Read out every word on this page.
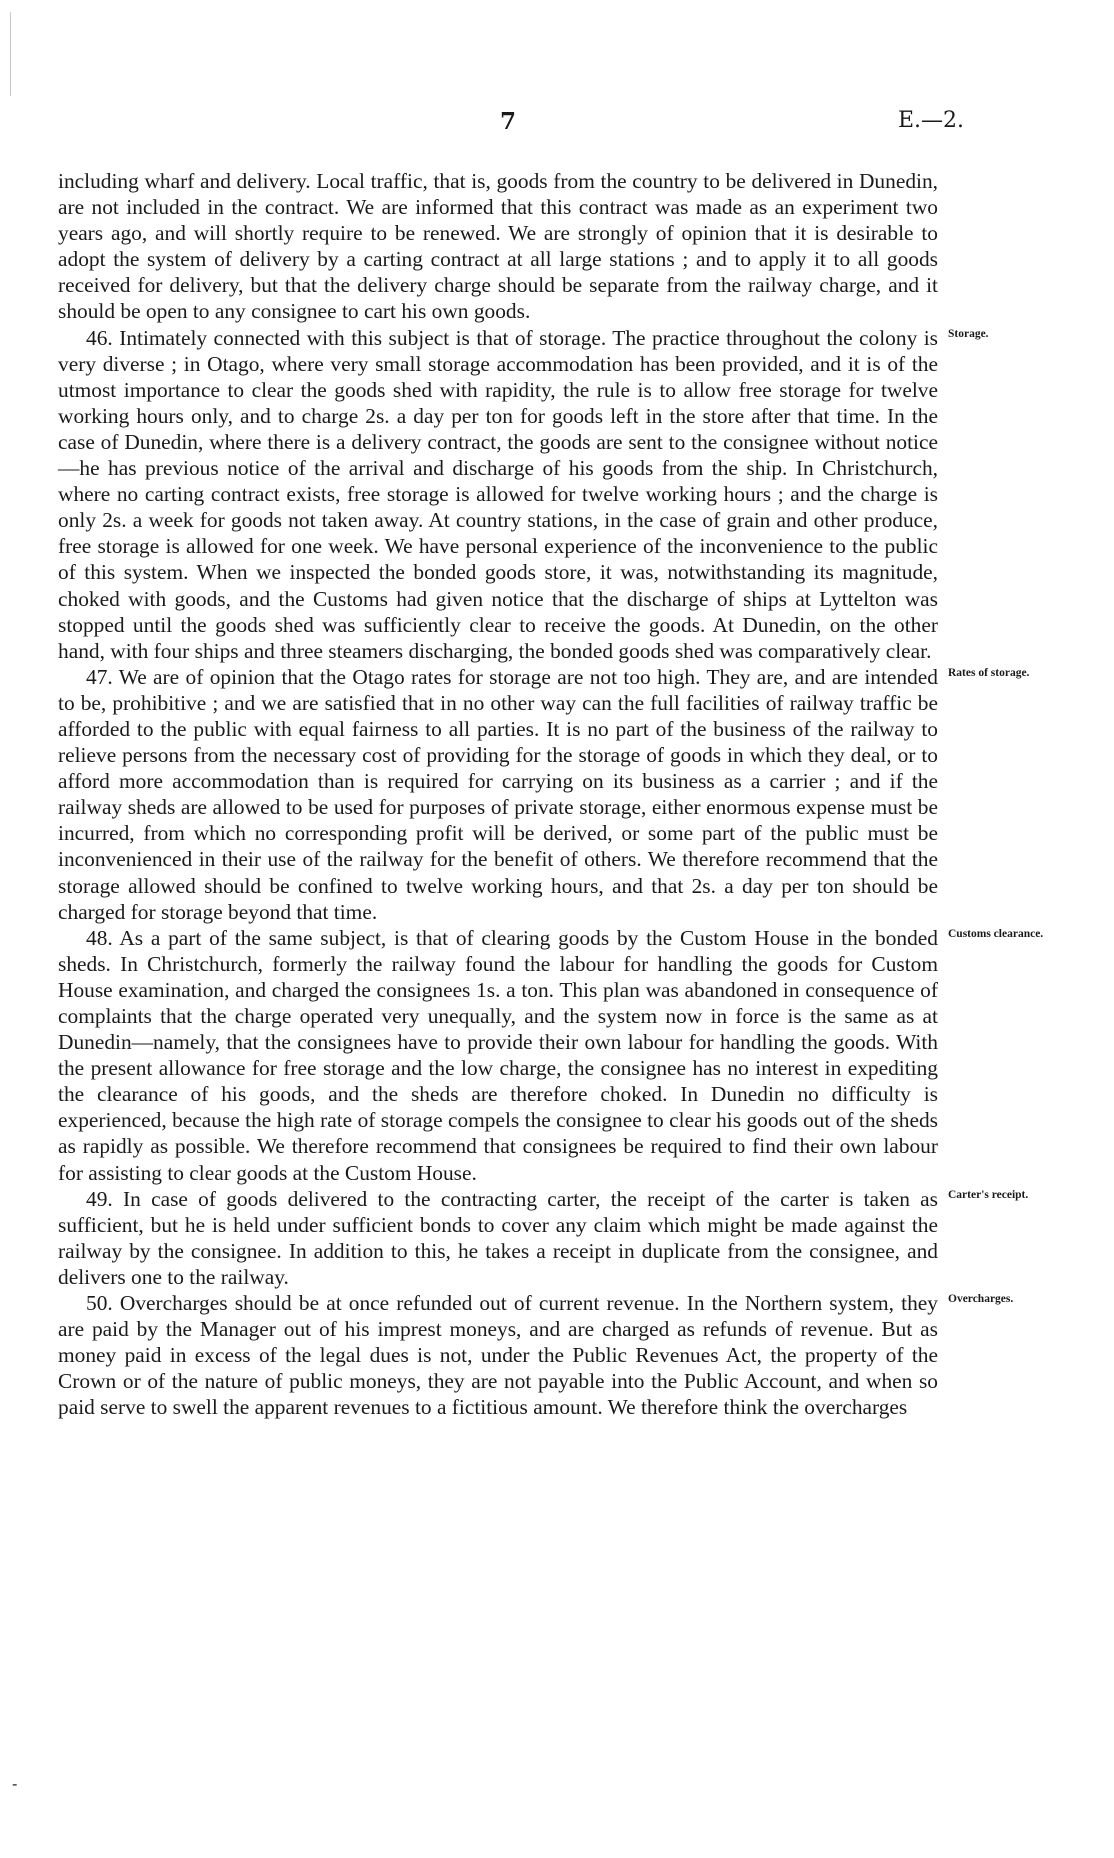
7	E.—2.

including wharf and delivery. Local traffic, that is, goods from the country to be delivered in Dunedin, are not included in the contract. We are informed that this contract was made as an experiment two years ago, and will shortly require to be renewed. We are strongly of opinion that it is desirable to adopt the system of delivery by a carting contract at all large stations ; and to apply it to all goods received for delivery, but that the delivery charge should be separate from the railway charge, and it should be open to any consignee to cart his own goods.

Storage.
46. Intimately connected with this subject is that of storage. The practice throughout the colony is very diverse ; in Otago, where very small storage accommodation has been provided, and it is of the utmost importance to clear the goods shed with rapidity, the rule is to allow free storage for twelve working hours only, and to charge 2s. a day per ton for goods left in the store after that time. In the case of Dunedin, where there is a delivery contract, the goods are sent to the consignee without notice—he has previous notice of the arrival and discharge of his goods from the ship. In Christchurch, where no carting contract exists, free storage is allowed for twelve working hours ; and the charge is only 2s. a week for goods not taken away. At country stations, in the case of grain and other produce, free storage is allowed for one week. We have personal experience of the inconvenience to the public of this system. When we inspected the bonded goods store, it was, notwithstanding its magnitude, choked with goods, and the Customs had given notice that the discharge of ships at Lyttelton was stopped until the goods shed was sufficiently clear to receive the goods. At Dunedin, on the other hand, with four ships and three steamers discharging, the bonded goods shed was comparatively clear.

Rates of storage.
47. We are of opinion that the Otago rates for storage are not too high. They are, and are intended to be, prohibitive ; and we are satisfied that in no other way can the full facilities of railway traffic be afforded to the public with equal fairness to all parties. It is no part of the business of the railway to relieve persons from the necessary cost of providing for the storage of goods in which they deal, or to afford more accommodation than is required for carrying on its business as a carrier ; and if the railway sheds are allowed to be used for purposes of private storage, either enormous expense must be incurred, from which no corresponding profit will be derived, or some part of the public must be inconvenienced in their use of the railway for the benefit of others. We therefore recommend that the storage allowed should be confined to twelve working hours, and that 2s. a day per ton should be charged for storage beyond that time.

Customs clearance.
48. As a part of the same subject, is that of clearing goods by the Custom House in the bonded sheds. In Christchurch, formerly the railway found the labour for handling the goods for Custom House examination, and charged the consignees 1s. a ton. This plan was abandoned in consequence of complaints that the charge operated very unequally, and the system now in force is the same as at Dunedin—namely, that the consignees have to provide their own labour for handling the goods. With the present allowance for free storage and the low charge, the consignee has no interest in expediting the clearance of his goods, and the sheds are therefore choked. In Dunedin no difficulty is experienced, because the high rate of storage compels the consignee to clear his goods out of the sheds as rapidly as possible. We therefore recommend that consignees be required to find their own labour for assisting to clear goods at the Custom House.

Carter's receipt.
49. In case of goods delivered to the contracting carter, the receipt of the carter is taken as sufficient, but he is held under sufficient bonds to cover any claim which might be made against the railway by the consignee. In addition to this, he takes a receipt in duplicate from the consignee, and delivers one to the railway.

Overcharges.
50. Overcharges should be at once refunded out of current revenue. In the Northern system, they are paid by the Manager out of his imprest moneys, and are charged as refunds of revenue. But as money paid in excess of the legal dues is not, under the Public Revenues Act, the property of the Crown or of the nature of public moneys, they are not payable into the Public Account, and when so paid serve to swell the apparent revenues to a fictitious amount. We therefore think the overcharges

-
